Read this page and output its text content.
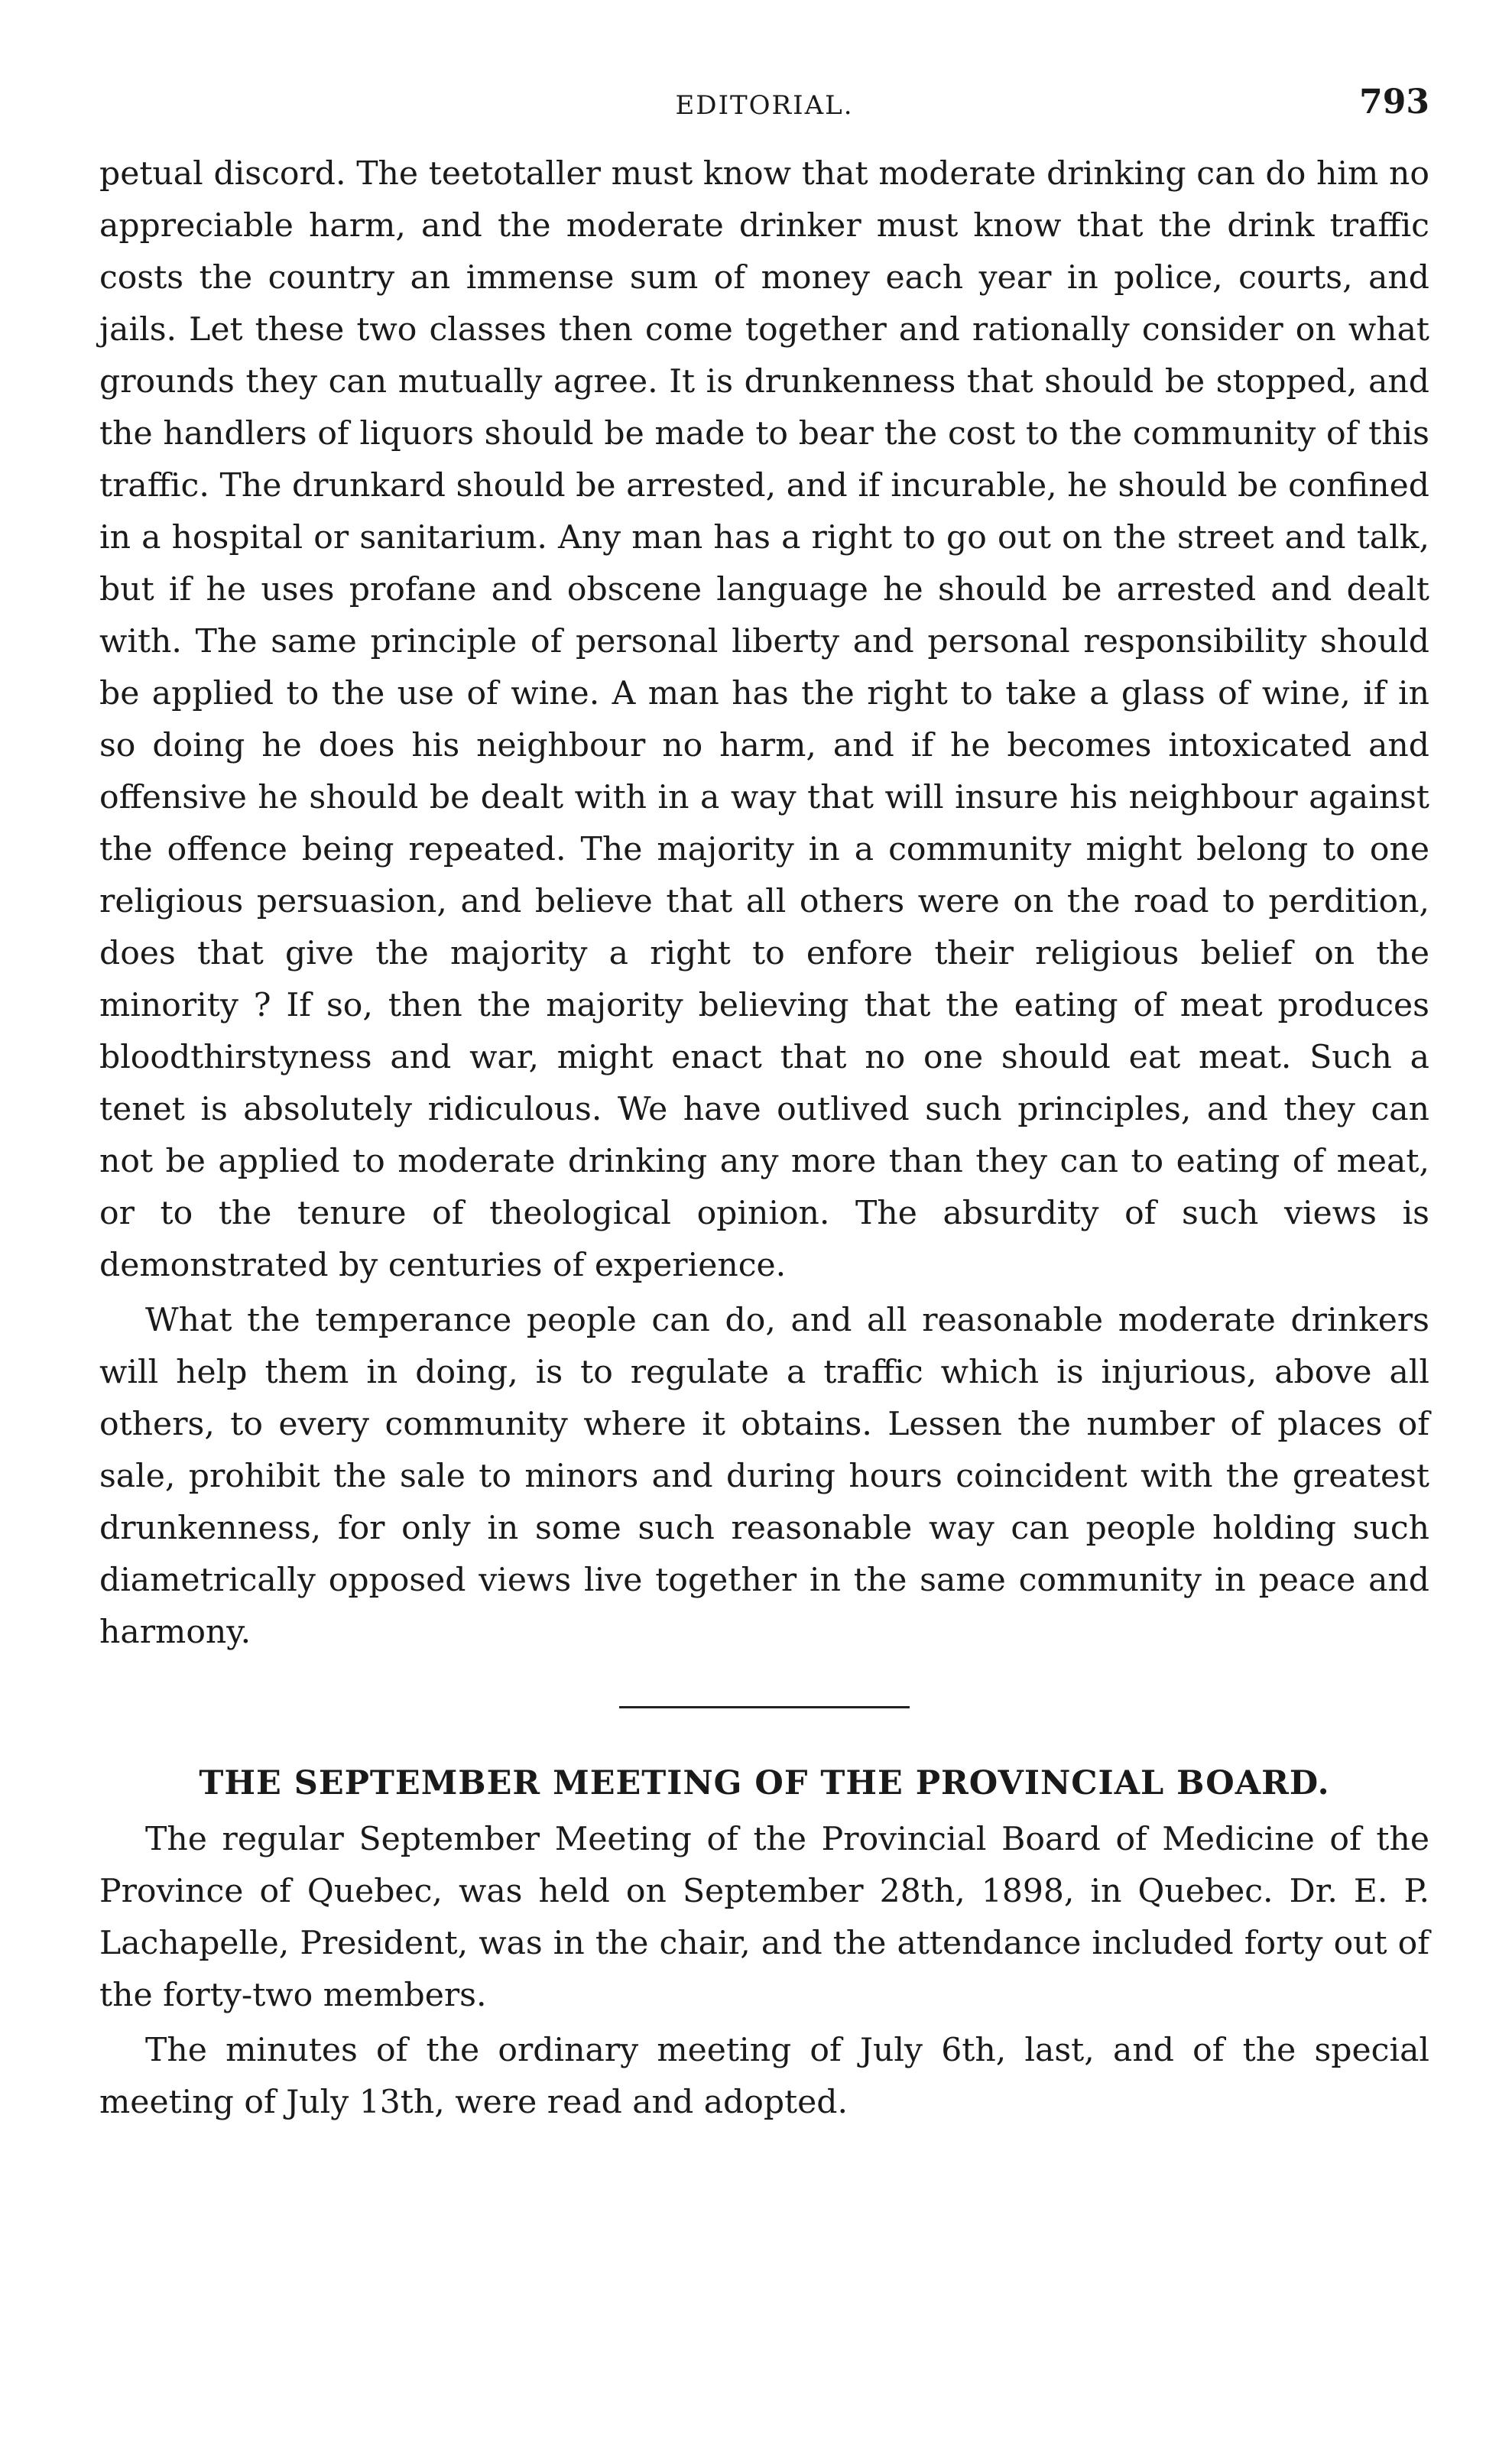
EDITORIAL.	793

petual discord. The teetotaller must know that moderate drinking can do him no appreciable harm, and the moderate drinker must know that the drink traffic costs the country an immense sum of money each year in police, courts, and jails. Let these two classes then come together and rationally consider on what grounds they can mutually agree. It is drunkenness that should be stopped, and the handlers of liquors should be made to bear the cost to the community of this traffic. The drunkard should be arrested, and if incurable, he should be confined in a hospital or sanitarium. Any man has a right to go out on the street and talk, but if he uses profane and obscene language he should be arrested and dealt with. The same principle of personal liberty and personal responsibility should be applied to the use of wine. A man has the right to take a glass of wine, if in so doing he does his neighbour no harm, and if he becomes intoxicated and offensive he should be dealt with in a way that will insure his neighbour against the offence being repeated. The majority in a community might belong to one religious persuasion, and believe that all others were on the road to perdition, does that give the majority a right to enfore their religious belief on the minority ? If so, then the majority believing that the eating of meat produces bloodthirstyness and war, might enact that no one should eat meat. Such a tenet is absolutely ridiculous. We have outlived such principles, and they can not be applied to moderate drinking any more than they can to eating of meat, or to the tenure of theological opinion. The absurdity of such views is demonstrated by centuries of experience.

What the temperance people can do, and all reasonable moderate drinkers will help them in doing, is to regulate a traffic which is injurious, above all others, to every community where it obtains. Lessen the number of places of sale, prohibit the sale to minors and during hours coincident with the greatest drunkenness, for only in some such reasonable way can people holding such diametrically opposed views live together in the same community in peace and harmony.

THE SEPTEMBER MEETING OF THE PROVINCIAL BOARD.

The regular September Meeting of the Provincial Board of Medicine of the Province of Quebec, was held on September 28th, 1898, in Quebec. Dr. E. P. Lachapelle, President, was in the chair, and the attendance included forty out of the forty-two members.

The minutes of the ordinary meeting of July 6th, last, and of the special meeting of July 13th, were read and adopted.
